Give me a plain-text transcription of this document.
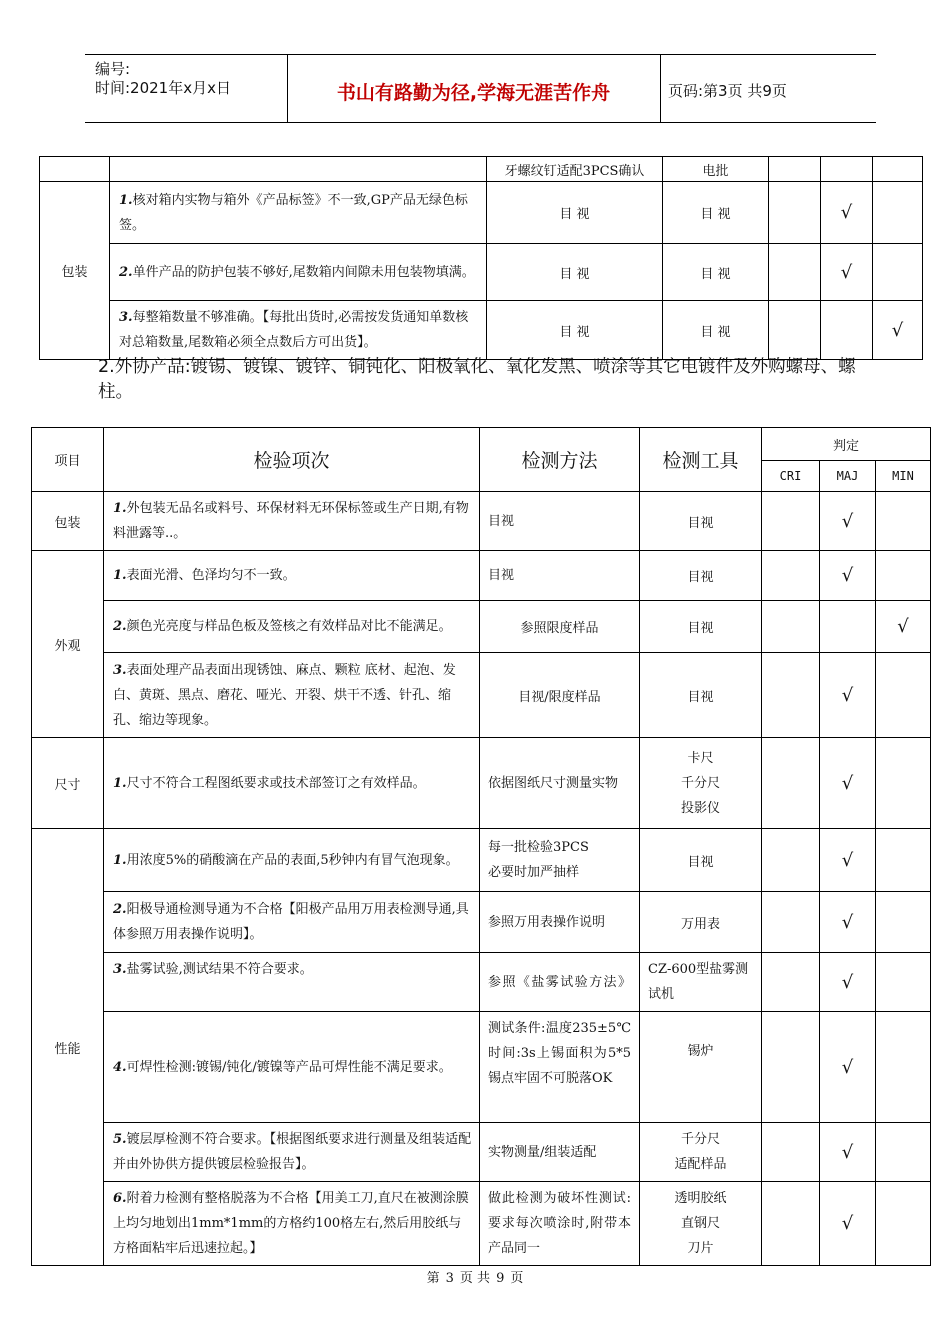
编号:
时间:2021年x月x日	书山有路勤为径,学海无涯苦作舟	页码:第3页 共9页
		牙螺纹钉适配3PCS确认	电批			
包装	1.核对箱内实物与箱外《产品标签》不一致,GP产品无绿色标签。	目 视	目 视		√	
	2.单件产品的防护包装不够好,尾数箱内间隙未用包装物填满。	目 视	目 视		√	
	3.每整箱数量不够准确。【每批出货时,必需按发货通知单数核对总箱数量,尾数箱必须全点数后方可出货】。	目 视	目 视			√
2.外协产品:镀锡、镀镍、镀锌、铜钝化、阳极氧化、氧化发黑、喷涂等其它电镀件及外购螺母、螺柱。
项目	检验项次	检测方法	检测工具	判定		
				CRI	MAJ	MIN
包装	1.外包装无品名或料号、环保材料无环保标签或生产日期,有物料泄露等..。	目视	目视		√	
外观	1.表面光滑、色泽均匀不一致。	目视	目视		√	
	2.颜色光亮度与样品色板及签核之有效样品对比不能满足。	参照限度样品	目视			√
	3.表面处理产品表面出现锈蚀、麻点、颗粒 底材、起泡、发白、黄斑、黑点、磨花、哑光、开裂、烘干不透、针孔、缩孔、缩边等现象。	目视/限度样品	目视		√	
尺寸	1.尺寸不符合工程图纸要求或技术部签订之有效样品。	依据图纸尺寸测量实物	卡尺
千分尺
投影仪		√	
性能	1.用浓度5%的硝酸滴在产品的表面,5秒钟内有冒气泡现象。	每一批检验3PCS
必要时加严抽样	目视		√	
	2.阳极导通检测导通为不合格【阳极产品用万用表检测导通,具体参照万用表操作说明】。	参照万用表操作说明	万用表		√	
	3.盐雾试验,测试结果不符合要求。	参照《盐雾试验方法》	CZ-600型盐雾测试机		√	
	4.可焊性检测:镀锡/钝化/镀镍等产品可焊性能不满足要求。	测试条件:温度235±5℃时间:3s上锡面积为5*5锡点牢固不可脱落OK	锡炉		√	
	5.镀层厚检测不符合要求。【根据图纸要求进行测量及组装适配并由外协供方提供镀层检验报告】。	实物测量/组装适配	千分尺
适配样品		√	
	6.附着力检测有整格脱落为不合格【用美工刀,直尺在被测涂膜上均匀地划出1mm*1mm的方格约100格左右,然后用胶纸与方格面粘牢后迅速拉起。】	做此检测为破坏性测试:要求每次喷涂时,附带本产品同一	透明胶纸
直钢尺
刀片		√	
第 3 页 共 9 页
